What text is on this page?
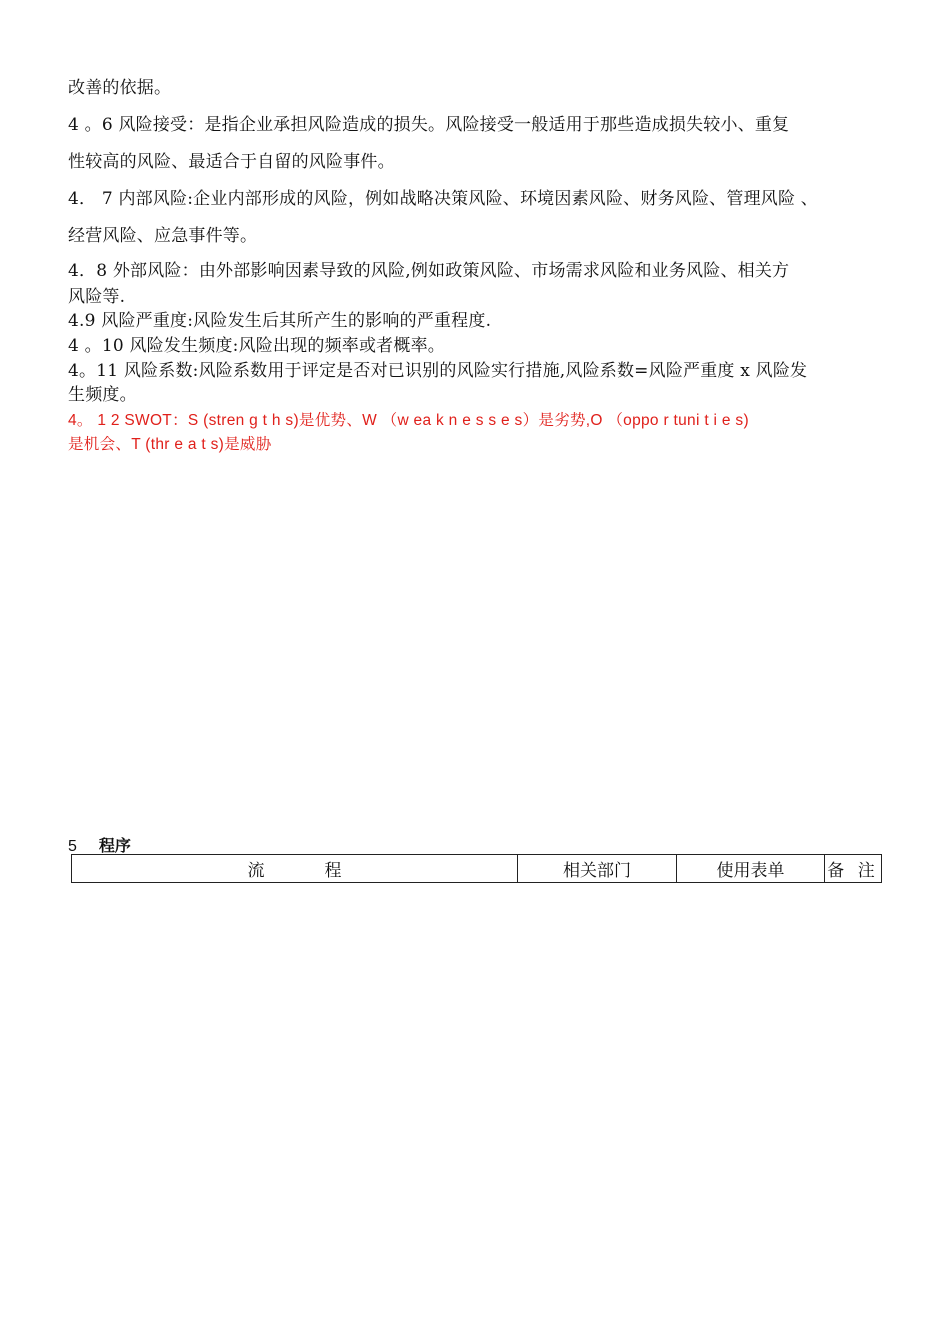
改善的依据。
4 。6 风险接受：是指企业承担风险造成的损失。风险接受一般适用于那些造成损失较小、重复
性较高的风险、最适合于自留的风险事件。
4． 7 内部风险:企业内部形成的风险，例如战略决策风险、环境因素风险、财务风险、管理风险 、
经营风险、应急事件等。
4．8 外部风险：由外部影响因素导致的风险,例如政策风险、市场需求风险和业务风险、相关方
风险等.
4.9 风险严重度:风险发生后其所产生的影响的严重程度.
4 。10 风险发生频度:风险出现的频率或者概率。
4。11 风险系数:风险系数用于评定是否对已识别的风险实行措施,风险系数=风险严重度 x 风险发
生频度。
4。 1 2 SWOT：S (stren g t h s)是优势、W （w ea k n e s s e s）是劣势,O （oppo r tuni t i e s)
是机会、T (thr e a t s)是威胁
5 程序
流程	相关部门	使用表单	备 注
